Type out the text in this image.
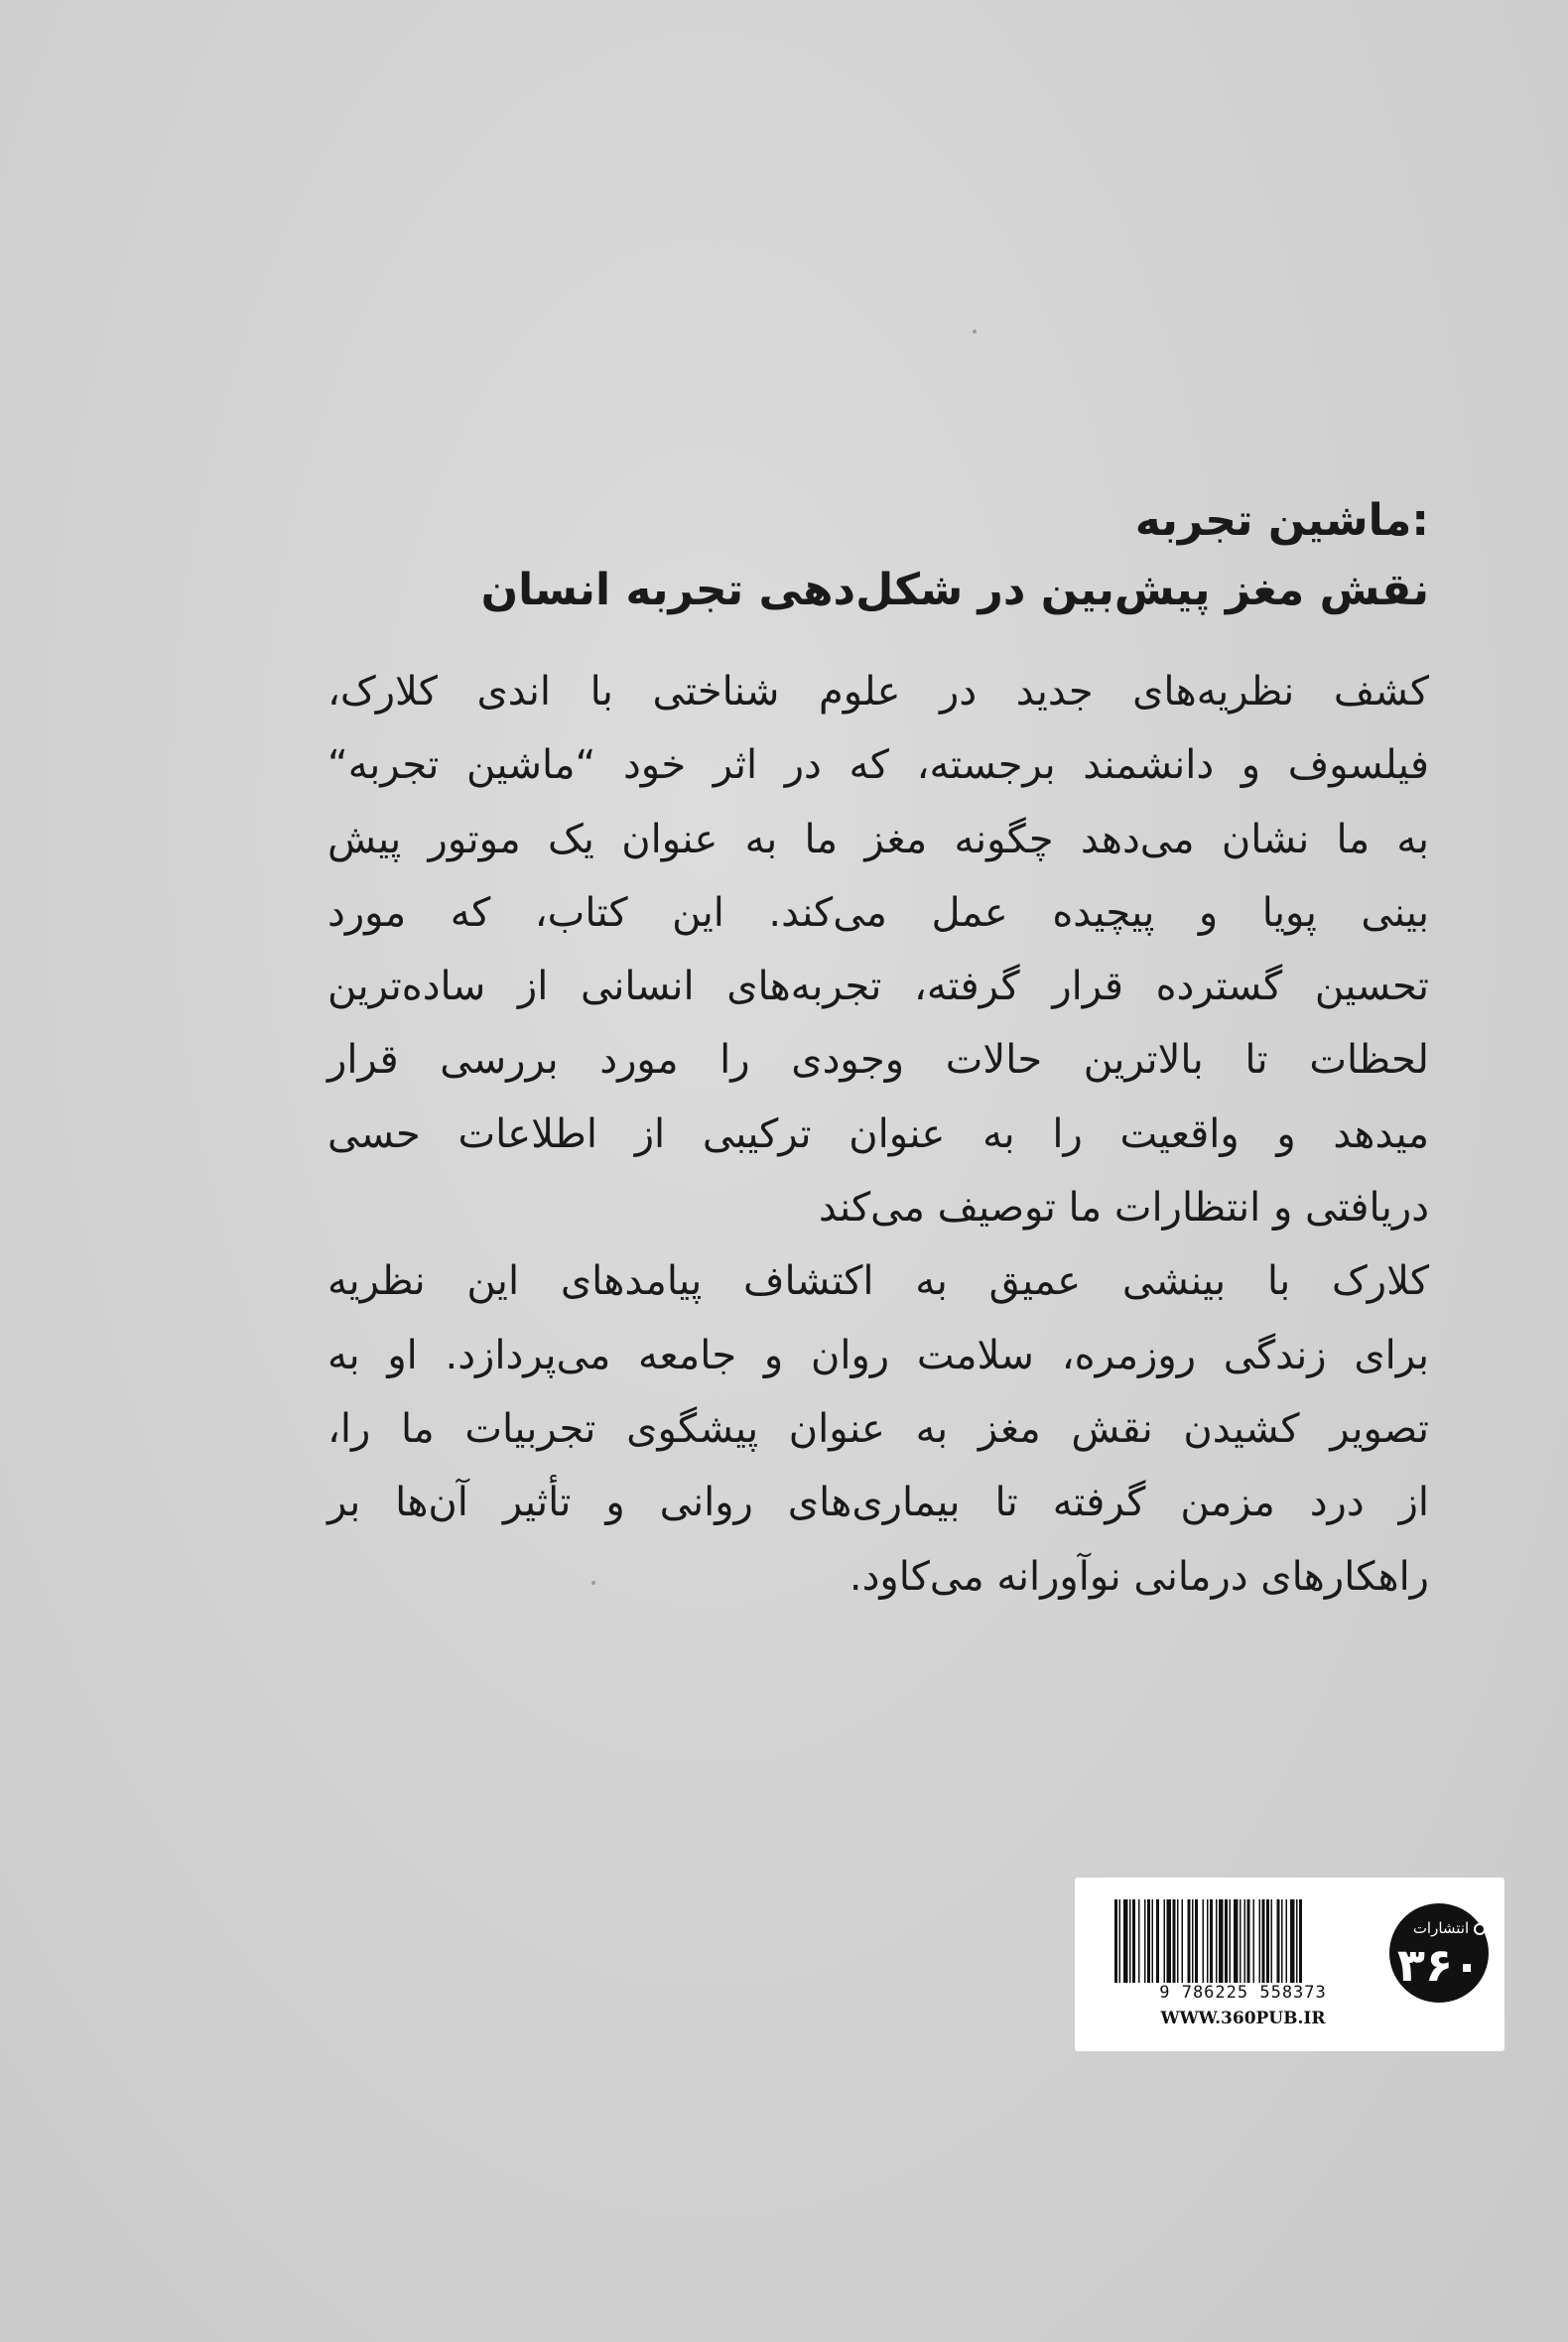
:ماشین تجربه

نقش مغز پیش‌بین در شکل‌دهی تجربه انسان

کشف نظریه‌های جدید در علوم شناختی با اندی کلارک،

فیلسوف و دانشمند برجسته، که در اثر خود “ماشین تجربه“

به ما نشان می‌دهد چگونه مغز ما به عنوان یک موتور پیش

بینی پویا و پیچیده عمل می‌کند. این کتاب، که مورد

تحسین گسترده قرار گرفته، تجربه‌های انسانی از ساده‌ترین

لحظات تا بالاترین حالات وجودی را مورد بررسی قرار

میدهد و واقعیت را به عنوان ترکیبی از اطلاعات حسی

دریافتی و انتظارات ما توصیف می‌کند

کلارک با بینشی عمیق به اکتشاف پیامدهای این نظریه

برای زندگی روزمره، سلامت روان و جامعه می‌پردازد. او به

تصویر کشیدن نقش مغز به عنوان پیشگوی تجربیات ما را،

از درد مزمن گرفته تا بیماری‌های روانی و تأثیر آن‌ها بر

راهکارهای درمانی نوآورانه می‌کاود.

9 786225 558373
WWW.360PUB.IR
انتشارات
۳۶۰
